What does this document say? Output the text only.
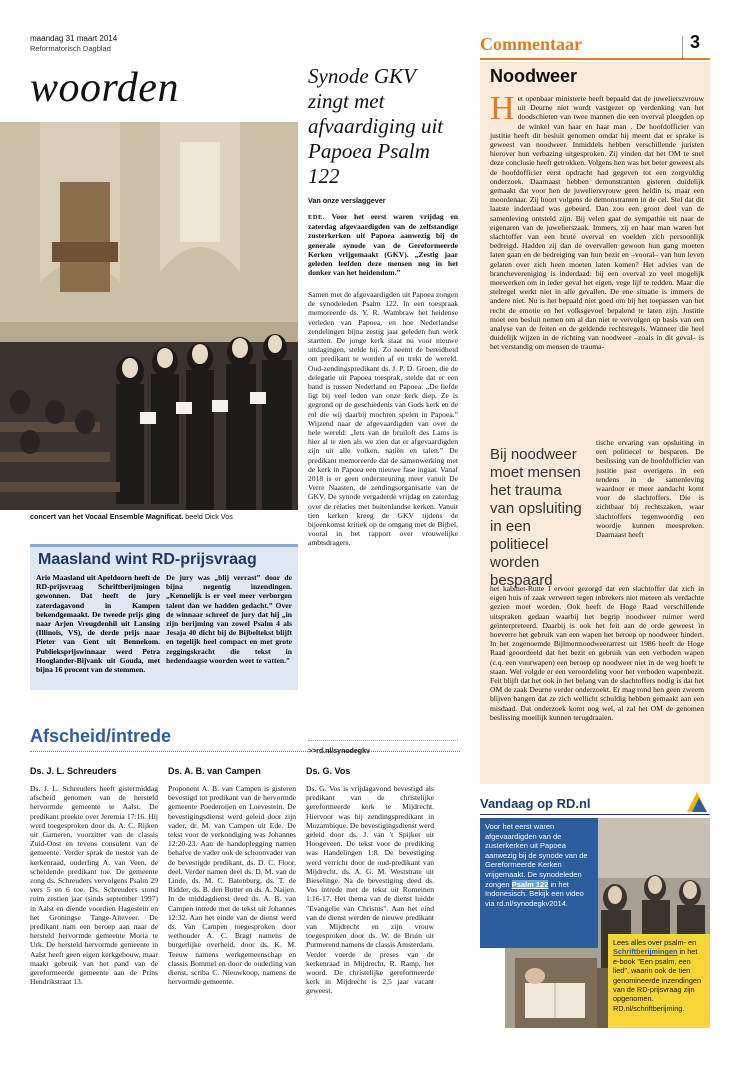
maandag 31 maart 2014
Reformatorisch Dagblad
woorden
concert van het Vocaal Ensemble Magnificat. beeld Dick Vos
Synode GKV zingt met afvaardiging uit Papoea Psalm 122
Van onze verslaggever
EDE. Voor het eerst waren vrijdag en zaterdag afgevaardigden van de zelfstandige zusterkerken uit Papoea aanwezig bij de generale synode van de Gereformeerde Kerken vrijgemaakt (GKV). „Zestig jaar geleden leefden deze mensen nog in het donker van het heidendom.”
Samen met de afgevaardigden uit Papoea zongen de synodeleden Psalm 122. In een toespraak memoreerde ds. Y. R. Wambraw het heidense verleden van Papoea, en hoe Nederlandse zendelingen bijna zestig jaar geleden hun werk startten. De jonge kerk staat nu voor nieuwe uitdagingen, stelde hij. Zo neemt de bereidheid om predikant te worden af en trekt de wereld. Oud-zendingspredikant ds. J. P. D. Groen, die de delegatie uit Papoea toesprak, stelde dat er een band is tussen Nederland en Papoea. „De liefde ligt bij veel leden van onze kerk diep. Ze is gegrond op de geschiedenis van Gods kerk en de rol die wij daarbij mochten spelen in Papoea.” Wijzend naar de afgevaardigden van over de hele wereld: „Iets van de bruiloft des Lams is hier al te zien als we zien dat er afgevaardigden zijn uit alle volken, natiën en talen.” De predikant memoreerde dat de samenwerking met de kerk in Papoea een nieuwe fase ingaat. Vanaf 2018 is er geen ondersteuning meer vanuit De Verre Naasten, de zendingsorganisatie van de GKV. De synode vergaderde vrijdag en zaterdag over de relaties met buitenlandse kerken. Vanuit tien kerken kreeg de GKV tijdens de bijeenkomst kritiek op de omgang met de Bijbel, vooral in het rapport over vrouwelijke ambtsdragers.
>>rd.nl/synodegkv
Maasland wint RD-prijsvraag
Arie Maasland uit Apeldoorn heeft de RD-prijsvraag Schriftberijmingen gewonnen. Dat heeft de jury zaterdagavond in Kampen bekendgemaakt. De tweede prijs ging naar Arjen Vreugdenhil uit Lansing (Illinois, VS), de derde prijs naar Pieter van Gent uit Bennekom. Publieksprijswinnaar werd Petra Hooglander-Bijvank uit Gouda, met bijna 16 procent van de stemmen.
De jury was „blij verrast” door de bijna negentig inzendingen. „Kennelijk is er veel meer verborgen talent dan we hadden gedacht.” Over de winnaar schreef de jury dat hij „in zijn berijming van zowel Psalm 4 als Jesaja 40 dicht bij de Bijbeltekst blijft en tegelijk heel compact en met grote zeggingskracht die tekst in hedendaagse woorden weet te vatten.”
Afscheid/intrede
Ds. J. L. Schreuders	Ds. A. B. van Campen	Ds. G. Vos
Ds. J. L. Schreuders heeft gistermiddag afscheid genomen van de hersteld hervormde gemeente te Aalst. De predikant preekte over Jeremia 17:16. Hij werd toegesproken door ds. A. C. Rijken uit Gameren, voorzitter van de classis Zuid-Oost en tevens consulent van de gemeente. Verder sprak de nestor van de kerkenraad, ouderling A. van Veen, de scheidende predikant toe. De gemeente zong ds. Schreuders vervolgens Psalm 29 vers 5 en 6 toe. Ds. Schreuders stond ruim zestien jaar (sinds september 1997) in Aalst en diende voordien Hagestein en het Groningse Tange-Alteveer. De predikant nam een beroep aan naar de hersteld hervormde gemeente Moria te Urk. De hersteld hervormde gemeente in Aalst heeft geen eigen kerkgebouw, maar maakt gebruik van het pand van de gereformeerde gemeente aan de Prins Hendrikstraat 13.
Proponent A. B. van Campen is gisteren bevestigd tot predikant van de hervormde gemeente Poederoijen en Loevestein. De bevestigingsdienst werd geleid door zijn vader, dr. M. van Campen uit Ede. De tekst voor de verkondiging was Johannes 12:20-23. Aan de handoplegging namen behalve de vader ook de schoonvader van de bevestigde predikant, ds. D. C. Floor, deel. Verder namen deel ds. D. M. van de Linde, ds. M. C. Batenburg, ds. T. de Ridder, ds. B. den Butter en ds. A. Naijen. In de middagdienst deed ds. A. B. van Campen intrede met de tekst uit Johannes 12:32. Aan het einde van de dienst werd ds. Van Campen toegesproken door wethouder A. C. Bragt namens de burgerlijke overheid, door ds. K. M. Teeuw namens werkgemeenschap en classis Bommel en door de ouderling van dienst, scriba C. Nieuwkoop, namens de hervormde gemeente.
Ds. G. Vos is vrijdagavond bevestigd als predikant van de christelijke gereformeerde kerk te Mijdrecht. Hiervoor was hij zendingspredikant in Mozambique. De bevestigingsdienst werd geleid door ds. J. van 't Spijker uit Hoogeveen. De tekst voor de prediking was Handelingen 1:8. De bevestiging werd verricht door de oud-predikant van Mijdrecht, ds. A. G. M. Weststrate uit Bieselinge. Na de bevestiging deed ds. Vos intrede met de tekst uit Romeinen 1:16-17. Het thema van de dienst luidde "Evangelie van Christus". Aan het eind van de dienst werden de nieuwe predikant van Mijdrecht en zijn vrouw toegesproken door ds. W. de Bruin uit Purmerend namens de classis Amsterdam. Verder voerde de preses van de kerkenraad in Mijdrecht, R. Ramp, het woord. De christelijke gereformeerde kerk in Mijdrecht is 2,5 jaar vacant geweest.
Commentaar	3
Noodweer
Het openbaar ministerie heeft bepaald dat de juwelierszvrouw uit Deurne niet wordt vastgezet op verdenking van het doodschieten van twee mannen die een overval pleegden op de winkel van haar en haar man . De hoofdofficier van justitie heeft dit besluit genomen omdat hij meent dat er sprake is geweest van noodweer. Inmiddels hebben verschillende juristen hierover hun verbazing uitgesproken. Zij vinden dat het OM te snel deze conclusie heeft getrokken. Volgens hen was het beter geweest als de hoofdofficier eerst opdracht had gegeven tot een zorgvuldig onderzoek. Daarnaast hebben demonstranten gisteren duidelijk gemaakt dat voor hen de juweliersvrouw geen heldin is, maar een moordenaar. Zij hoort volgens de demonstranten in de cel. Stel dat dit laatste inderdaad was gebeurd. Dan zou een groot deel van de samenleving ontsteld zijn. Bij velen gaat de sympathie uit naar de eigenaren van de juwelierszaak. Immers, zij en haar man waren het slachtoffer van een brute overval en voelden zich persoonlijk bedreigd. Hadden zij dan de overvallen gewoon hun gang moeten laten gaan en de bedreiging van hun bezit en –vooral– van hun leven gelaten over zich heen moeten laten komen? Het advies van de branchevereniging is inderdaad: bij een overval zo veel mogelijk meewerken om in ieder geval het eigen, vege lijf te redden. Maar die stelregel werkt niet in alle gevallen. De ene situatie is immers de andere niet. Nu is het bepaald niet goed om bij het toepassen van het recht de emotie en het volksgevoel bepalend te laten zijn. Justitie moet een besluit nemen om al dan niet te vervolgen op basis van een analyse van de feiten en de geldende rechtsregels. Wanneer die heel duidelijk wijzen in de richting van noodweer –zoals in dit geval– is het verstandig om mensen de trauma-
Bij noodweer moet mensen het trauma van opsluiting in een politiecel worden bespaard
tische ervaring van opsluiting in een politiecel te besparen. De beslissing van de hoofdofficier van justitie past overigens in een tendens in de samenleving waardoor er meer aandacht komt voor de slachtoffers. Die is zichtbaar bij rechtszaken, waar slachtoffers tegenwoordig een woordje kunnen meespreken. Daarnaast heeft
het kabinet-Rutte I ervoor gezorgd dat een slachtoffer dat zich in eigen huis of zaak verweert tegen inbrekers niet meteen als verdachte gezien moet worden. Ook heeft de Hoge Raad verschillende uitspraken gedaan waarbij het begrip noodweer ruimer werd geïnterpreteerd. Daarbij is ook het feit aan de orde geweest in hoeverre het gebruik van een wapen het beroep op noodweer hindert. In het zogenoemde Bijlmermoodweerarrest uit 1986 heeft de Hoge Raad geoordeeld dat het bezit en gebruik van een verboden wapen (c.q. een vuurwapen) een beroep op noodweer niet in de weg hoeft te staan. Wel volgde er een veroordeling voor het verboden wapenbezit. Feit blijft dat het ook in het belang van de slachtoffers nodig is dat het OM de zaak Deurne verder onderzoekt. Er mag rond hen geen zweem blijven hangen dat ze zich wellicht schuldig hebben gemaakt aan een misdaad. Dat onderzoek komt nog wel, al zal het OM de genomen beslissing moeilijk kunnen terugdraaien.
Vandaag op RD.nl
Voor het eerst waren afgevaardigden van de zusterkerken uit Papoea aanwezig bij de synode van de Gereformeerde Kerken vrijgemaakt. De synodeleden zongen Psalm 122 in het Indonesisch. Bekijk een video via rd.nl/synodegkv2014.
Lees alles over psalm- en Schriftberijmingen in het e-book "Een psalm, een lied", waarin ook de tien genomineerde inzendingen van de RD-prijsvraag zijn opgenomen. RD.nl/schriftberijming.
